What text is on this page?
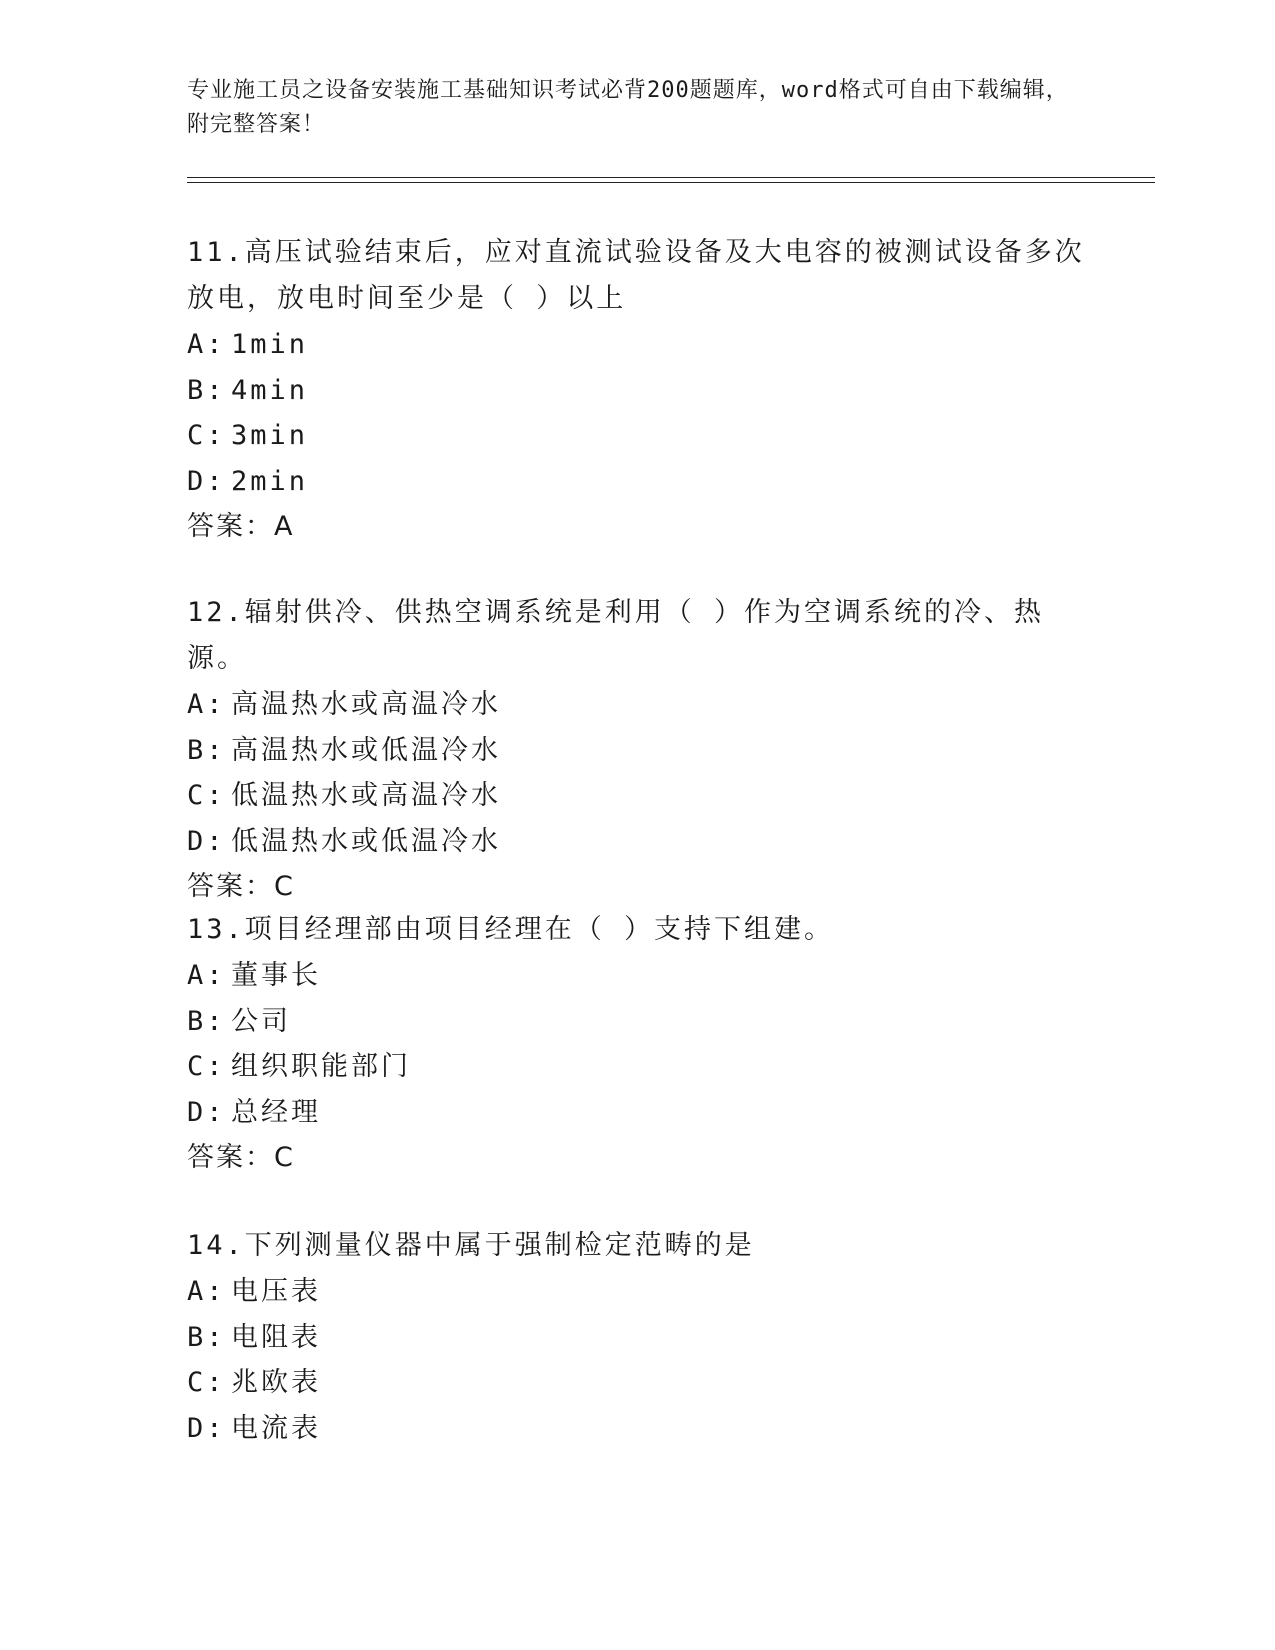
专业施工员之设备安装施工基础知识考试必背200题题库，word格式可自由下载编辑，附完整答案！

11.高压试验结束后，应对直流试验设备及大电容的被测试设备多次放电，放电时间至少是（ ）以上

A: 1min

B: 4min

C: 3min

D: 2min

答案：A

12.辐射供冷、供热空调系统是利用（ ）作为空调系统的冷、热源。

A: 高温热水或高温冷水

B: 高温热水或低温冷水

C: 低温热水或高温冷水

D: 低温热水或低温冷水

答案：C

13.项目经理部由项目经理在（ ）支持下组建。

A: 董事长

B: 公司

C: 组织职能部门

D: 总经理

答案：C

14.下列测量仪器中属于强制检定范畴的是

A: 电压表

B: 电阻表

C: 兆欧表

D: 电流表
